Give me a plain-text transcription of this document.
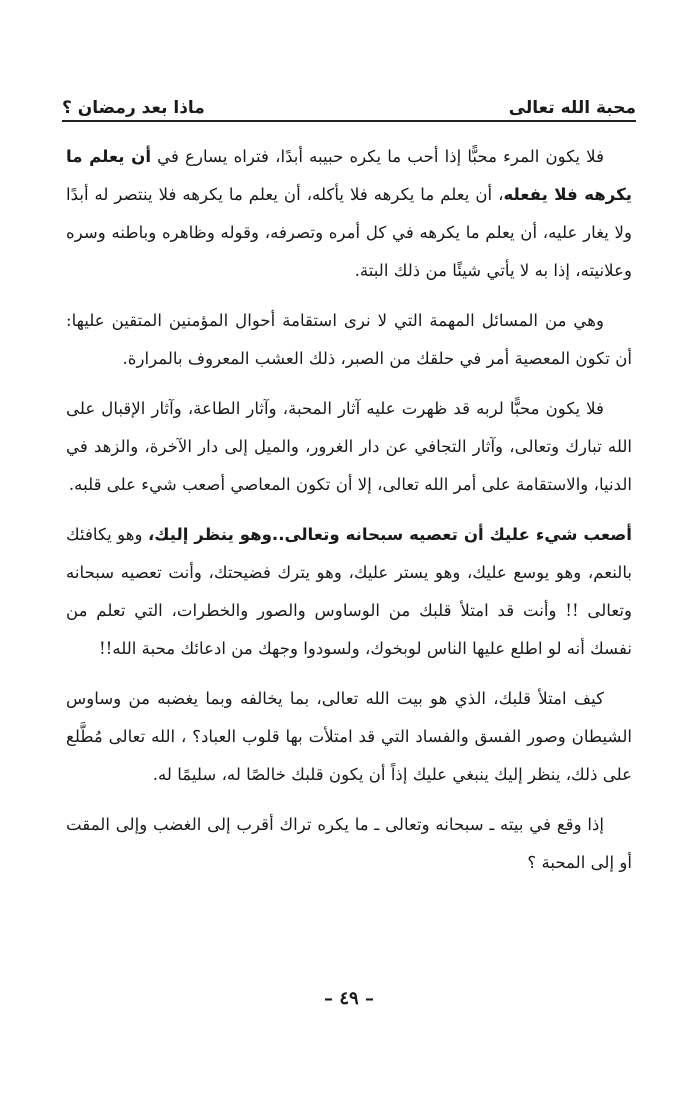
محبة الله تعالى
ماذا بعد رمضان ؟

فلا يكون المرء محبًّا إذا أحب ما يكره حبيبه أبدًا، فتراه يسارع في أن يعلم ما يكرهه فلا يفعله، أن يعلم ما يكرهه فلا يأكله، أن يعلم ما يكرهه فلا ينتصر له أبدًا ولا يغار عليه، أن يعلم ما يكرهه في كل أمره وتصرفه، وقوله وظاهره وباطنه وسره وعلانيته، إذا به لا يأتي شيئًا من ذلك البتة.

وهي من المسائل المهمة التي لا نرى استقامة أحوال المؤمنين المتقين عليها: أن تكون المعصية أمر في حلقك من الصبر، ذلك العشب المعروف بالمرارة.

فلا يكون محبًّا لربه قد ظهرت عليه آثار المحبة، وآثار الطاعة، وآثار الإقبال على الله تبارك وتعالى، وآثار التجافي عن دار الغرور، والميل إلى دار الآخرة، والزهد في الدنيا، والاستقامة على أمر الله تعالى، إلا أن تكون المعاصي أصعب شيء على قلبه.

أصعب شيء عليك أن تعصيه سبحانه وتعالى..وهو ينظر إليك، وهو يكافئك بالنعم، وهو يوسع عليك، وهو يستر عليك، وهو يترك فضيحتك، وأنت تعصيه سبحانه وتعالى !! وأنت قد امتلأ قلبك من الوساوس والصور والخطرات، التي تعلم من نفسك أنه لو اطلع عليها الناس لوبخوك، ولسودوا وجهك من ادعائك محبة الله!!

كيف امتلأ قلبك، الذي هو بيت الله تعالى، بما يخالفه وبما يغضبه من وساوس الشيطان وصور الفسق والفساد التي قد امتلأت بها قلوب العباد؟ ، الله تعالى مُطَّلع على ذلك، ينظر إليك ينبغي عليك إذاً أن يكون قلبك خالصًا له، سليمًا له.

إذا وقع في بيته ـ سبحانه وتعالى ـ ما يكره تراك أقرب إلى الغضب وإلى المقت أو إلى المحبة ؟

– ٤٩ –
